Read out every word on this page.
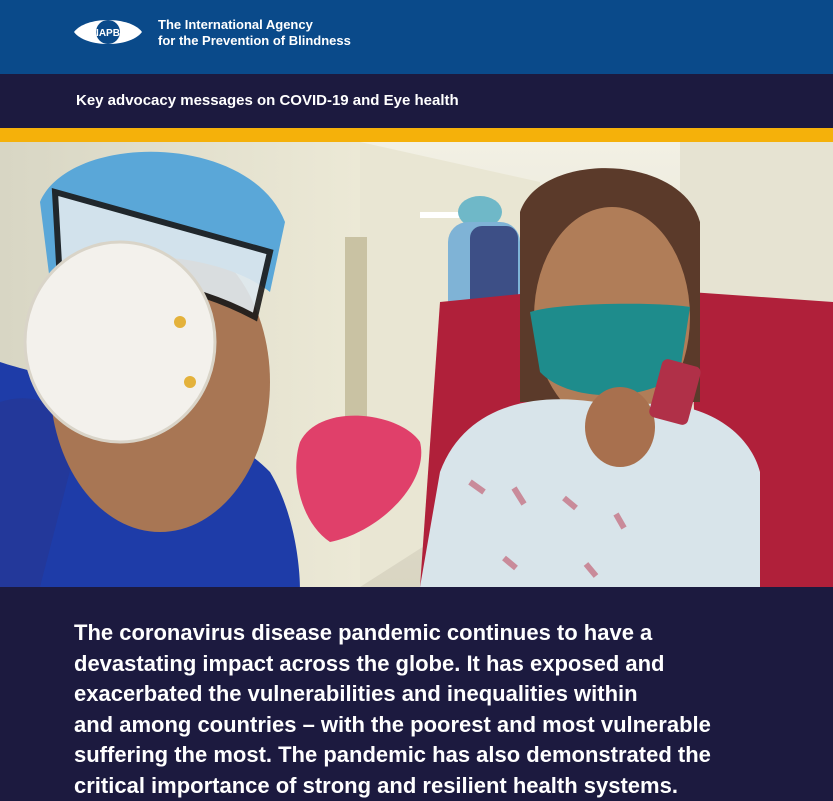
IAPB
The International Agency
for the Prevention of Blindness
Key advocacy messages on COVID-19 and Eye health
The coronavirus disease pandemic continues to have a
devastating impact across the globe. It has exposed and
exacerbated the vulnerabilities and inequalities within
and among countries – with the poorest and most vulnerable
suffering the most. The pandemic has also demonstrated the
critical importance of strong and resilient health systems.
